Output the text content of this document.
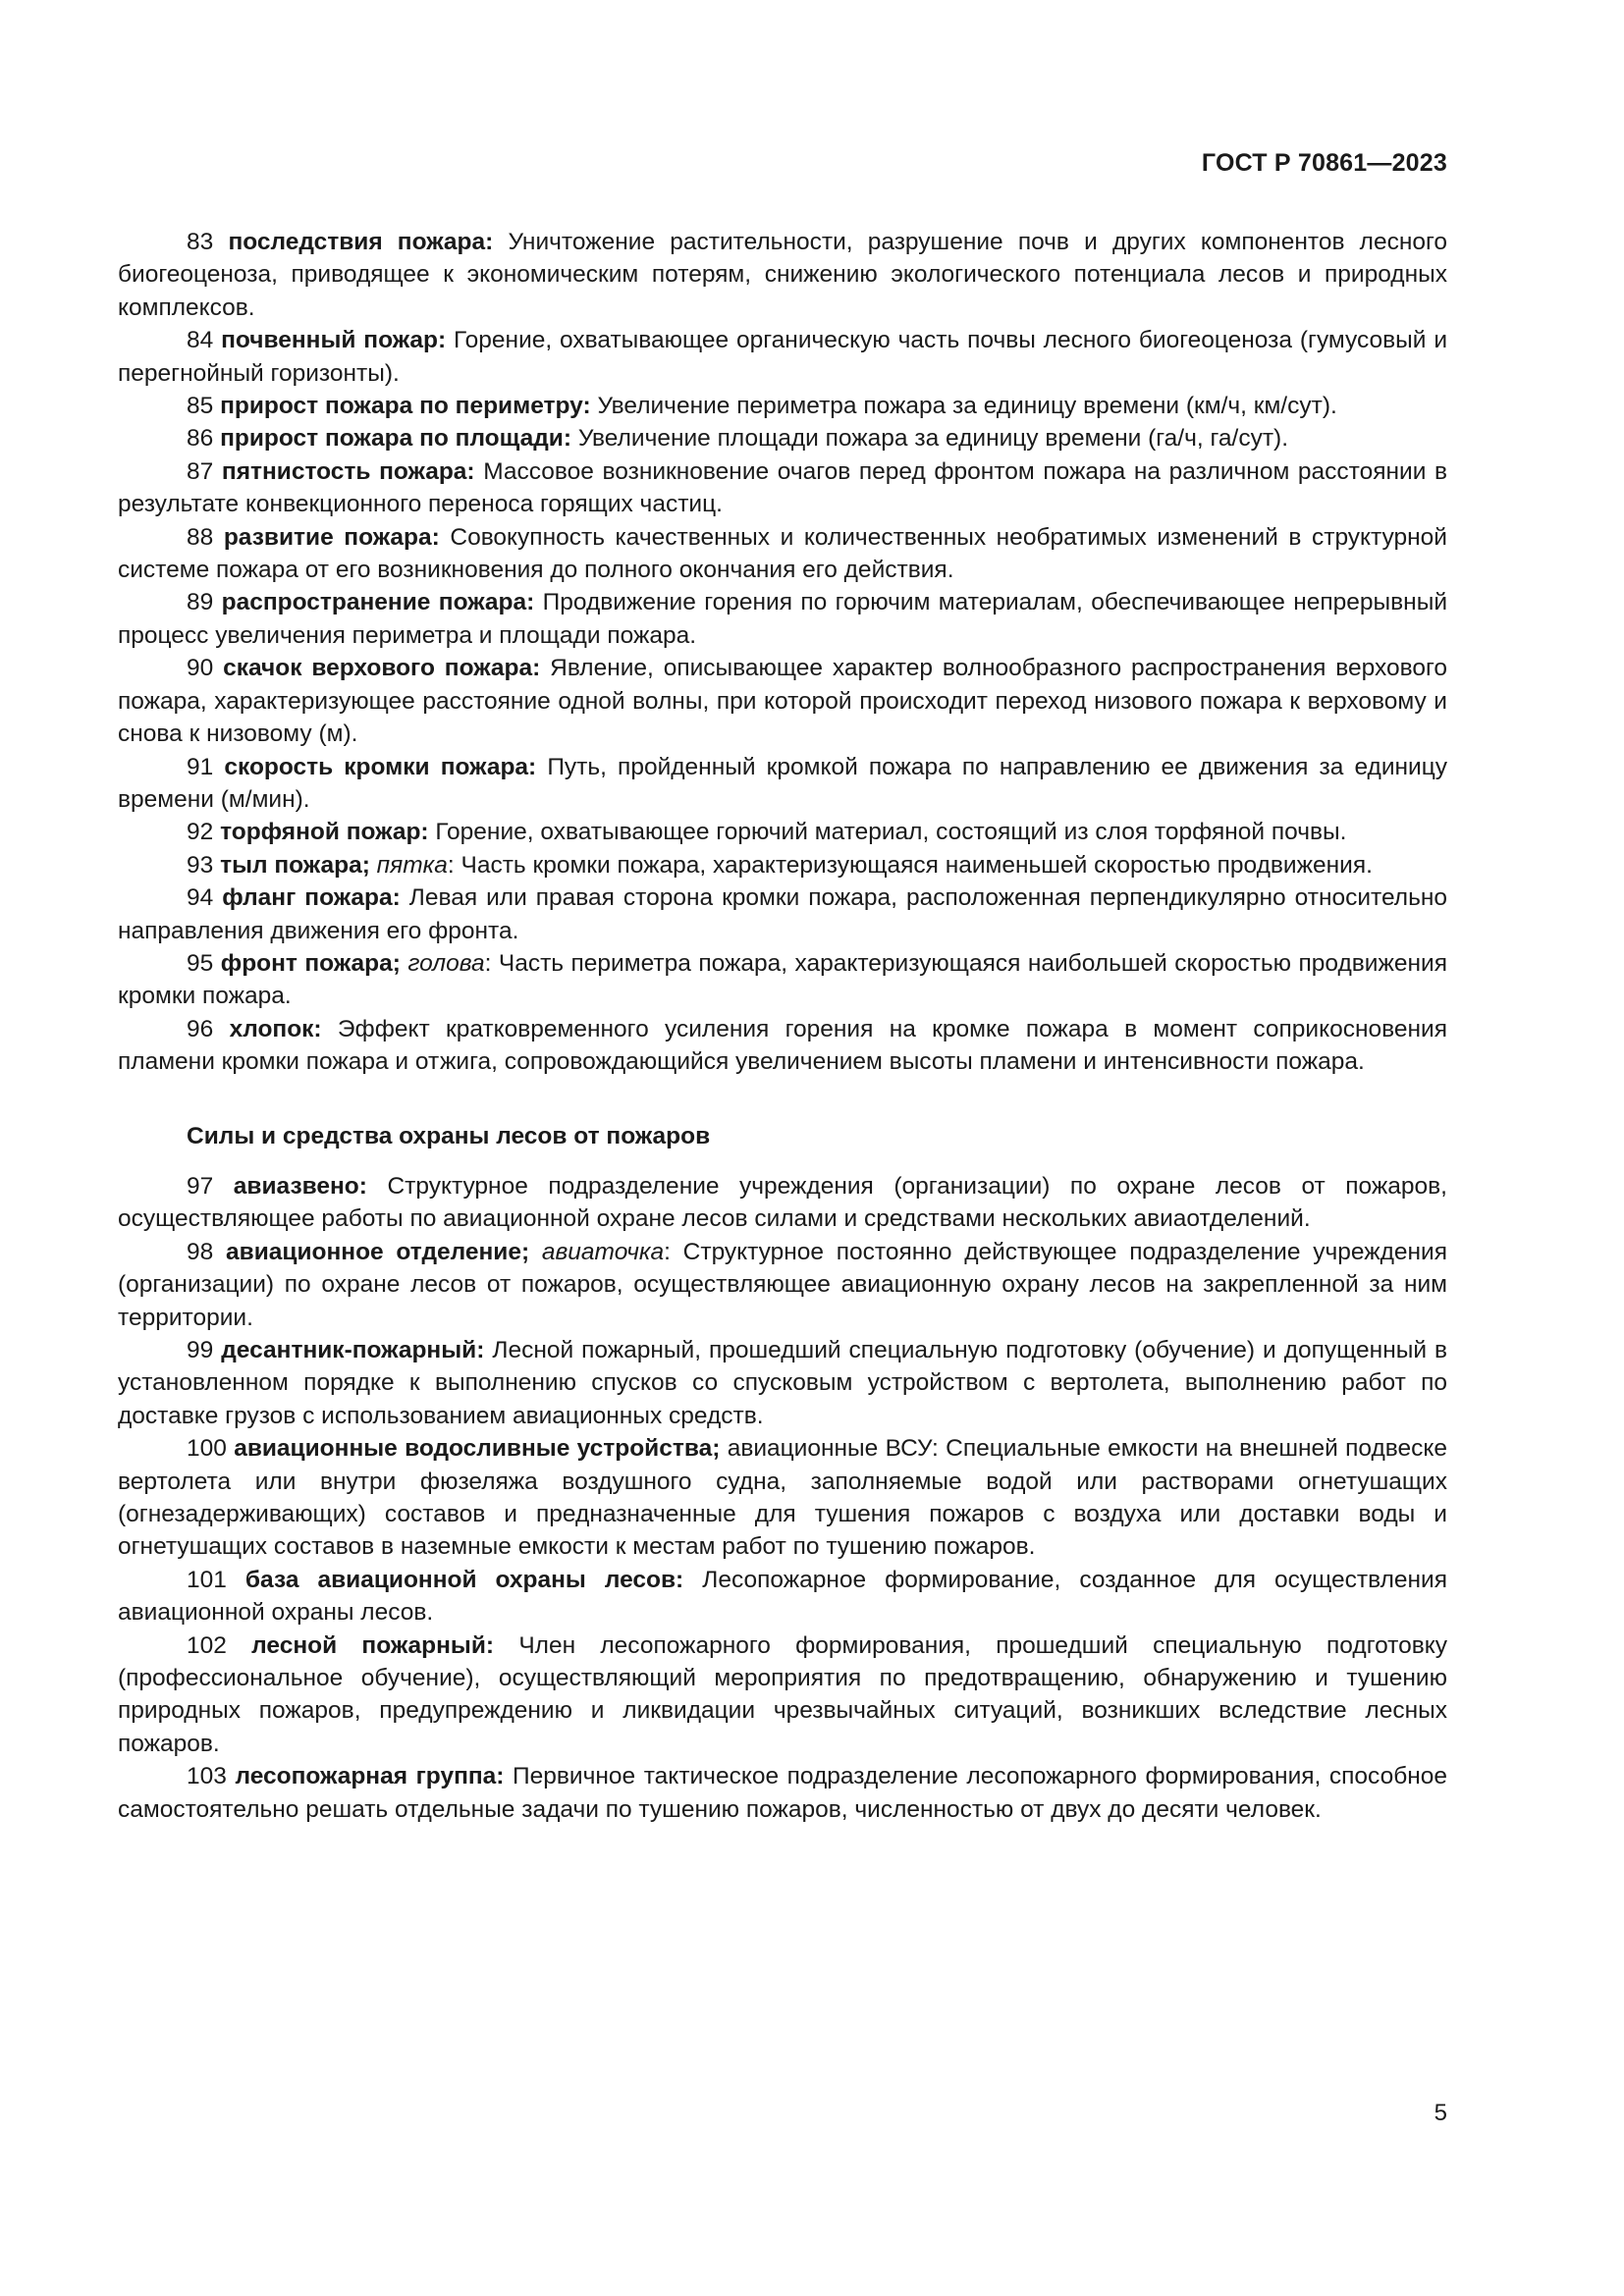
ГОСТ Р 70861—2023

83 последствия пожара: Уничтожение растительности, разрушение почв и других компонентов лесного биогеоценоза, приводящее к экономическим потерям, снижению экологического потенциала лесов и природных комплексов.

84 почвенный пожар: Горение, охватывающее органическую часть почвы лесного биогеоценоза (гумусовый и перегнойный горизонты).

85 прирост пожара по периметру: Увеличение периметра пожара за единицу времени (км/ч, км/сут).

86 прирост пожара по площади: Увеличение площади пожара за единицу времени (га/ч, га/сут).

87 пятнистость пожара: Массовое возникновение очагов перед фронтом пожара на различном расстоянии в результате конвекционного переноса горящих частиц.

88 развитие пожара: Совокупность качественных и количественных необратимых изменений в структурной системе пожара от его возникновения до полного окончания его действия.

89 распространение пожара: Продвижение горения по горючим материалам, обеспечивающее непрерывный процесс увеличения периметра и площади пожара.

90 скачок верхового пожара: Явление, описывающее характер волнообразного распространения верхового пожара, характеризующее расстояние одной волны, при которой происходит переход низового пожара к верховому и снова к низовому (м).

91 скорость кромки пожара: Путь, пройденный кромкой пожара по направлению ее движения за единицу времени (м/мин).

92 торфяной пожар: Горение, охватывающее горючий материал, состоящий из слоя торфяной почвы.

93 тыл пожара; пятка: Часть кромки пожара, характеризующаяся наименьшей скоростью продвижения.

94 фланг пожара: Левая или правая сторона кромки пожара, расположенная перпендикулярно относительно направления движения его фронта.

95 фронт пожара; голова: Часть периметра пожара, характеризующаяся наибольшей скоростью продвижения кромки пожара.

96 хлопок: Эффект кратковременного усиления горения на кромке пожара в момент соприкосновения пламени кромки пожара и отжига, сопровождающийся увеличением высоты пламени и интенсивности пожара.

Силы и средства охраны лесов от пожаров

97 авиазвено: Структурное подразделение учреждения (организации) по охране лесов от пожаров, осуществляющее работы по авиационной охране лесов силами и средствами нескольких авиаотделений.

98 авиационное отделение; авиаточка: Структурное постоянно действующее подразделение учреждения (организации) по охране лесов от пожаров, осуществляющее авиационную охрану лесов на закрепленной за ним территории.

99 десантник-пожарный: Лесной пожарный, прошедший специальную подготовку (обучение) и допущенный в установленном порядке к выполнению спусков со спусковым устройством с вертолета, выполнению работ по доставке грузов с использованием авиационных средств.

100 авиационные водосливные устройства; авиационные ВСУ: Специальные емкости на внешней подвеске вертолета или внутри фюзеляжа воздушного судна, заполняемые водой или растворами огнетушащих (огнезадерживающих) составов и предназначенные для тушения пожаров с воздуха или доставки воды и огнетушащих составов в наземные емкости к местам работ по тушению пожаров.

101 база авиационной охраны лесов: Лесопожарное формирование, созданное для осуществления авиационной охраны лесов.

102 лесной пожарный: Член лесопожарного формирования, прошедший специальную подготовку (профессиональное обучение), осуществляющий мероприятия по предотвращению, обнаружению и тушению природных пожаров, предупреждению и ликвидации чрезвычайных ситуаций, возникших вследствие лесных пожаров.

103 лесопожарная группа: Первичное тактическое подразделение лесопожарного формирования, способное самостоятельно решать отдельные задачи по тушению пожаров, численностью от двух до десяти человек.

5
